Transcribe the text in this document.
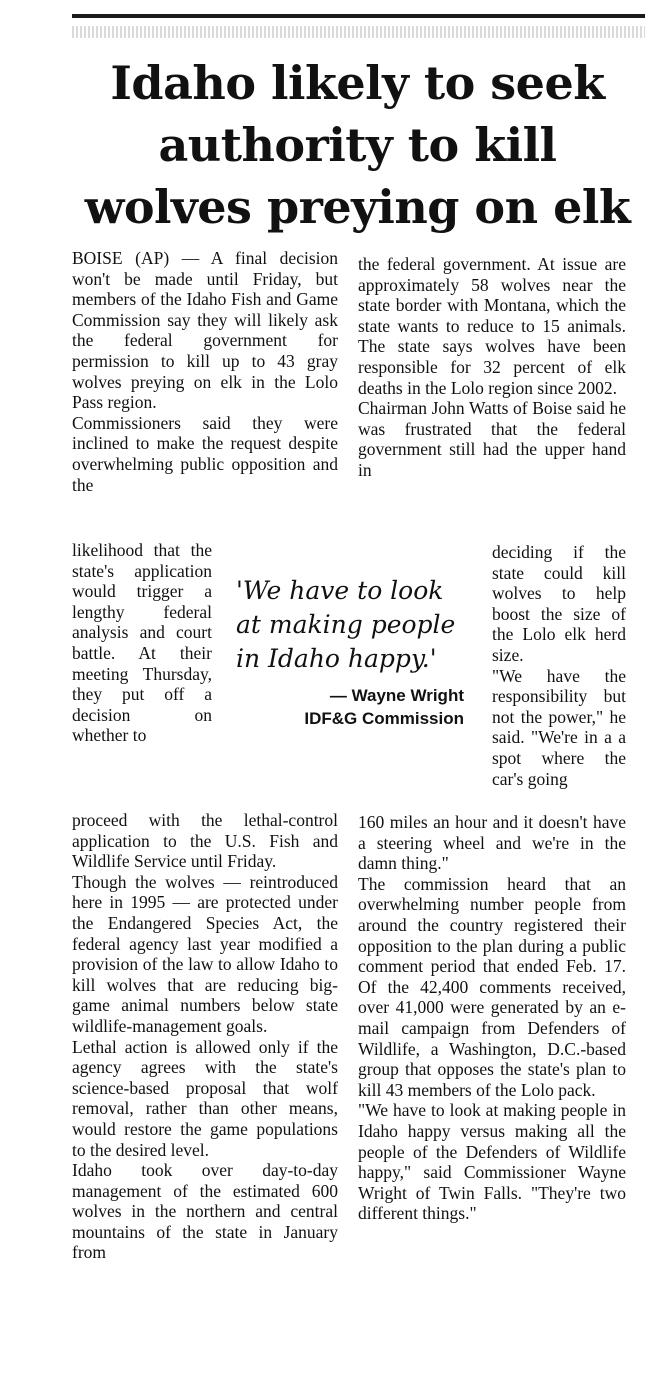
Idaho likely to seek
authority to kill
wolves preying on elk

BOISE (AP) — A final decision won't be made until Friday, but members of the Idaho Fish and Game Commission say they will likely ask the federal government for permission to kill up to 43 gray wolves preying on elk in the Lolo Pass region.
Commissioners said they were inclined to make the request despite overwhelming public opposition and the

likelihood that the state's application would trigger a lengthy federal analysis and court battle. At their meeting Thursday, they put off a decision on whether to

proceed with the lethal-control application to the U.S. Fish and Wildlife Service until Friday.
Though the wolves — reintroduced here in 1995 — are protected under the Endangered Species Act, the federal agency last year modified a provision of the law to allow Idaho to kill wolves that are reducing big-game animal numbers below state wildlife-management goals.
Lethal action is allowed only if the agency agrees with the state's science-based proposal that wolf removal, rather than other means, would restore the game populations to the desired level.
Idaho took over day-to-day management of the estimated 600 wolves in the northern and central mountains of the state in January from

the federal government. At issue are approximately 58 wolves near the state border with Montana, which the state wants to reduce to 15 animals. The state says wolves have been responsible for 32 percent of elk deaths in the Lolo region since 2002.
Chairman John Watts of Boise said he was frustrated that the federal government still had the upper hand in

deciding if the state could kill wolves to help boost the size of the Lolo elk herd size.
"We have the responsibility but not the power," he said. "We're in a a spot where the car's going

160 miles an hour and it doesn't have a steering wheel and we're in the damn thing."
The commission heard that an overwhelming number people from around the country registered their opposition to the plan during a public comment period that ended Feb. 17. Of the 42,400 comments received, over 41,000 were generated by an e-mail campaign from Defenders of Wildlife, a Washington, D.C.-based group that opposes the state's plan to kill 43 members of the Lolo pack.
"We have to look at making people in Idaho happy versus making all the people of the Defenders of Wildlife happy," said Commissioner Wayne Wright of Twin Falls. "They're two different things."

'We have to look at making people in Idaho happy.'
— Wayne Wright
IDF&G Commission
